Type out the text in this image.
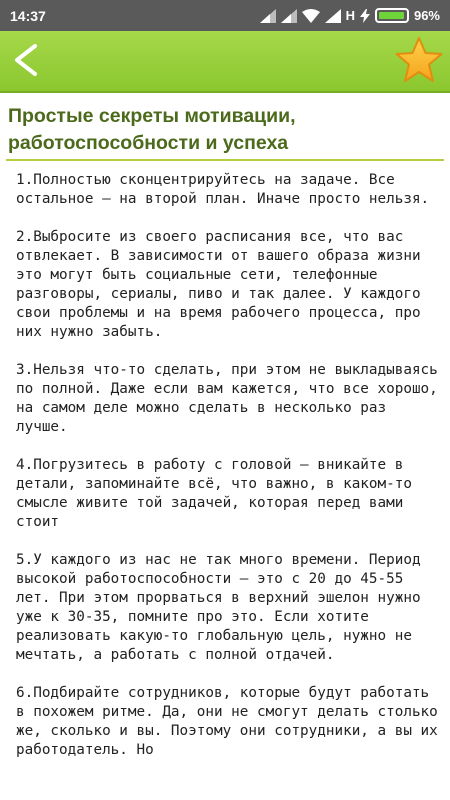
14:37	H	96%
Простые секреты мотивации, работоспособности и успеха

1.Полностью сконцентрируйтесь на задаче. Все остальное — на второй план. Иначе просто нельзя.

2.Выбросите из своего расписания все, что вас отвлекает. В зависимости от вашего образа жизни это могут быть социальные сети, телефонные разговоры, сериалы, пиво и так далее. У каждого свои проблемы и на время рабочего процесса, про них нужно забыть.

3.Нельзя что-то сделать, при этом не выкладываясь по полной. Даже если вам кажется, что все хорошо, на самом деле можно сделать в несколько раз лучше.

4.Погрузитесь в работу с головой — вникайте в детали, запоминайте всё, что важно, в каком-то смысле живите той задачей, которая перед вами стоит

5.У каждого из нас не так много времени. Период высокой работоспособности — это с 20 до 45-55 лет. При этом прорваться в верхний эшелон нужно уже к 30-35, помните про это. Если хотите реализовать какую-то глобальную цель, нужно не мечтать, а работать с полной отдачей.

6.Подбирайте сотрудников, которые будут работать в похожем ритме. Да, они не смогут делать столько же, сколько и вы. Поэтому они сотрудники, а вы их работодатель. Но
